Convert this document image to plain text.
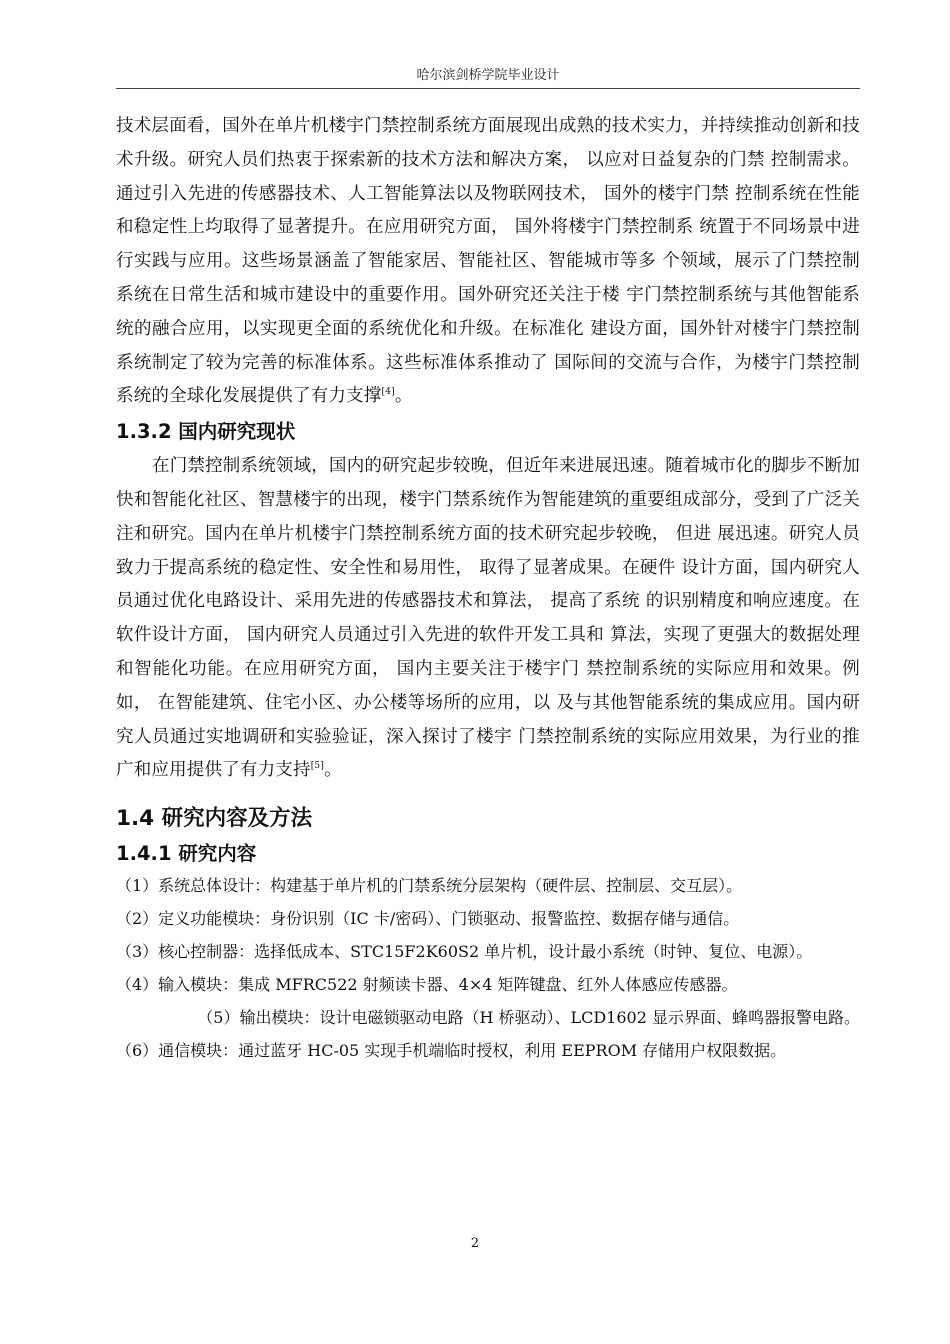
哈尔滨剑桥学院毕业设计

技术层面看，国外在单片机楼宇门禁控制系统方面展现出成熟的技术实力，并持续推动创新和技术升级。研究人员们热衷于探索新的技术方法和解决方案， 以应对日益复杂的门禁 控制需求。通过引入先进的传感器技术、人工智能算法以及物联网技术， 国外的楼宇门禁 控制系统在性能和稳定性上均取得了显著提升。在应用研究方面， 国外将楼宇门禁控制系 统置于不同场景中进行实践与应用。这些场景涵盖了智能家居、智能社区、智能城市等多 个领域，展示了门禁控制系统在日常生活和城市建设中的重要作用。国外研究还关注于楼 宇门禁控制系统与其他智能系统的融合应用，以实现更全面的系统优化和升级。在标准化 建设方面，国外针对楼宇门禁控制系统制定了较为完善的标准体系。这些标准体系推动了 国际间的交流与合作，为楼宇门禁控制系统的全球化发展提供了有力支撑[4]。

1.3.2 国内研究现状

在门禁控制系统领域，国内的研究起步较晚，但近年来进展迅速。随着城市化的脚步不断加快和智能化社区、智慧楼宇的出现，楼宇门禁系统作为智能建筑的重要组成部分，受到了广泛关注和研究。国内在单片机楼宇门禁控制系统方面的技术研究起步较晚， 但进 展迅速。研究人员致力于提高系统的稳定性、安全性和易用性， 取得了显著成果。在硬件 设计方面，国内研究人员通过优化电路设计、采用先进的传感器技术和算法， 提高了系统 的识别精度和响应速度。在软件设计方面， 国内研究人员通过引入先进的软件开发工具和 算法，实现了更强大的数据处理和智能化功能。在应用研究方面， 国内主要关注于楼宇门 禁控制系统的实际应用和效果。例如， 在智能建筑、住宅小区、办公楼等场所的应用，以 及与其他智能系统的集成应用。国内研究人员通过实地调研和实验验证，深入探讨了楼宇 门禁控制系统的实际应用效果，为行业的推广和应用提供了有力支持[5]。

1.4 研究内容及方法
1.4.1 研究内容

（1）系统总体设计：构建基于单片机的门禁系统分层架构（硬件层、控制层、交互层）。

（2）定义功能模块：身份识别（IC 卡/密码）、门锁驱动、报警监控、数据存储与通信。

（3）核心控制器：选择低成本、STC15F2K60S2 单片机，设计最小系统（时钟、复位、电源）。

（4）输入模块：集成 MFRC522 射频读卡器、4×4 矩阵键盘、红外人体感应传感器。

（5）输出模块：设计电磁锁驱动电路（H 桥驱动）、LCD1602 显示界面、蜂鸣器报警电路。

（6）通信模块：通过蓝牙 HC-05 实现手机端临时授权，利用 EEPROM 存储用户权限数据。

2
